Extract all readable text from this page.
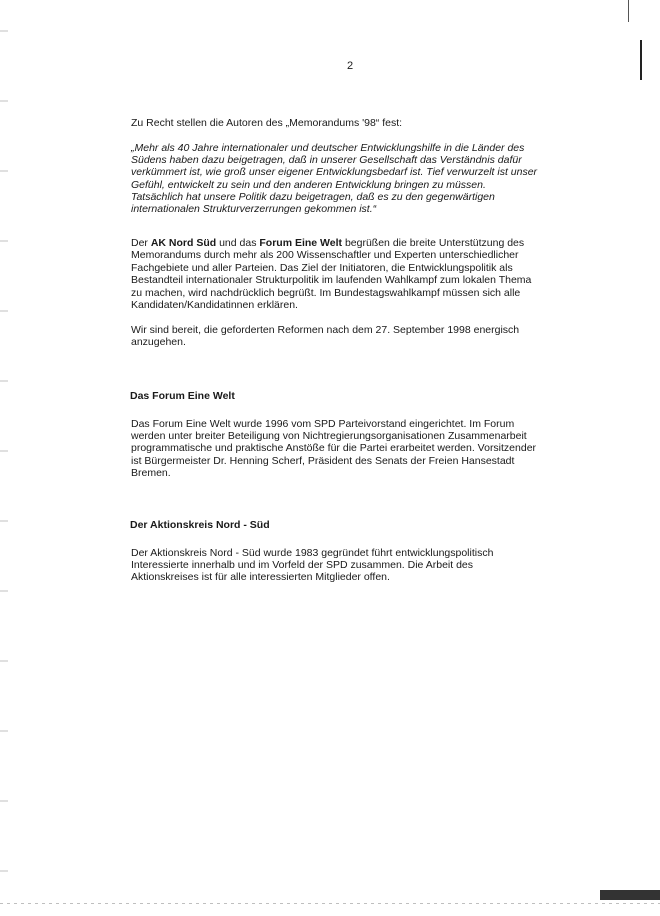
2
Zu Recht stellen die Autoren des „Memorandums '98“ fest:

„Mehr als 40 Jahre internationaler und deutscher Entwicklungshilfe in die Länder des

Südens haben dazu beigetragen, daß in unserer Gesellschaft das Verständnis dafür

verkümmert ist, wie groß unser eigener Entwicklungsbedarf ist. Tief verwurzelt ist unser

Gefühl, entwickelt zu sein und den anderen Entwicklung bringen zu müssen.

Tatsächlich hat unsere Politik dazu beigetragen, daß es zu den gegenwärtigen

internationalen Strukturverzerrungen gekommen ist.“

Der AK Nord Süd und das Forum Eine Welt begrüßen die breite Unterstützung des

Memorandums durch mehr als 200 Wissenschaftler und Experten unterschiedlicher

Fachgebiete und aller Parteien. Das Ziel der Initiatoren, die Entwicklungspolitik als

Bestandteil internationaler Strukturpolitik im laufenden Wahlkampf zum lokalen Thema

zu machen, wird nachdrücklich begrüßt. Im Bundestagswahlkampf müssen sich alle

Kandidaten/Kandidatinnen erklären.

Wir sind bereit, die geforderten Reformen nach dem 27. September 1998 energisch

anzugehen.

Das Forum Eine Welt

Das Forum Eine Welt wurde 1996 vom SPD Parteivorstand eingerichtet. Im Forum

werden unter breiter Beteiligung von Nichtregierungsorganisationen Zusammenarbeit

programmatische und praktische Anstöße für die Partei erarbeitet werden. Vorsitzender

ist Bürgermeister Dr. Henning Scherf, Präsident des Senats der Freien Hansestadt

Bremen.

Der Aktionskreis Nord - Süd

Der Aktionskreis Nord - Süd wurde 1983 gegründet führt entwicklungspolitisch

Interessierte innerhalb und im Vorfeld der SPD zusammen. Die Arbeit des

Aktionskreises ist für alle interessierten Mitglieder offen.
